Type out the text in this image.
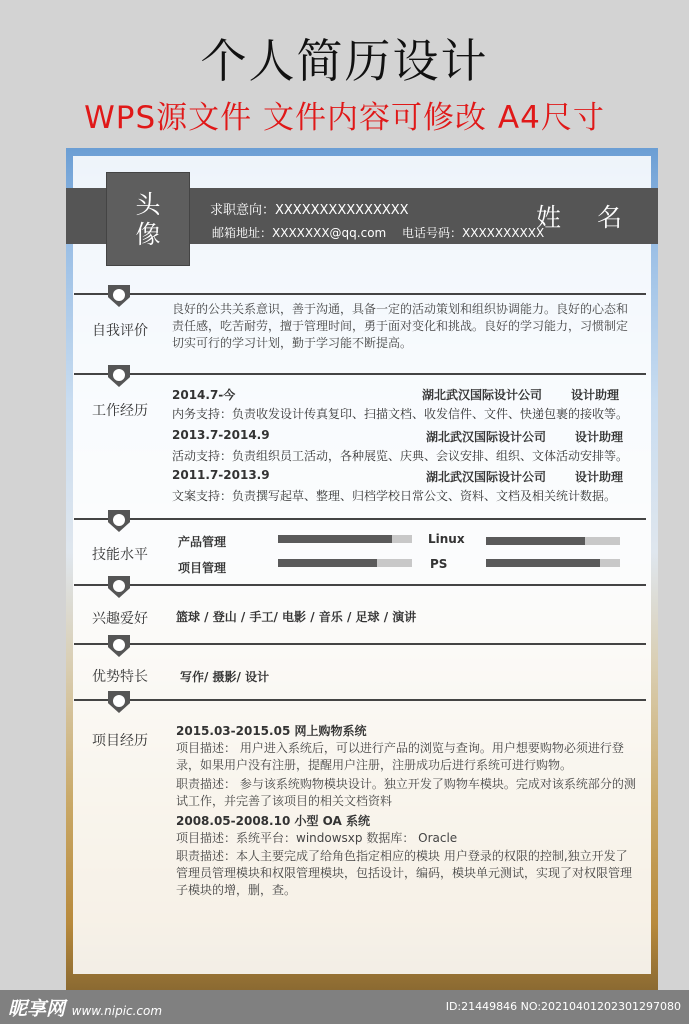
个人简历设计
WPS源文件 文件内容可修改 A4尺寸
求职意向：XXXXXXXXXXXXXXX
邮箱地址：XXXXXXX@qq.com 电话号码：XXXXXXXXXX
姓 名
头
像
自我评价
良好的公共关系意识，善于沟通，具备一定的活动策划和组织协调能力。良好的心态和责任感，吃苦耐劳，擅于管理时间，勇于面对变化和挑战。良好的学习能力，习惯制定切实可行的学习计划，勤于学习能不断提高。
工作经历
2014.7-今	湖北武汉国际设计公司 设计助理
内务支持：负责收发设计传真复印、扫描文档、收发信件、文件、快递包裹的接收等。
2013.7-2014.9	湖北武汉国际设计公司 设计助理
活动支持：负责组织员工活动，各种展览、庆典、会议安排、组织、文体活动安排等。
2011.7-2013.9	湖北武汉国际设计公司 设计助理
文案支持：负责撰写起草、整理、归档学校日常公文、资料、文档及相关统计数据。
技能水平
产品管理	Linux
项目管理	PS
兴趣爱好 篮球 / 登山 / 手工/ 电影 / 音乐 / 足球 / 演讲
优势特长	写作/ 摄影/ 设计
项目经历
2015.03-2015.05 网上购物系统
项目描述： 用户进入系统后，可以进行产品的浏览与查询。用户想要购物必须进行登录，如果用户没有注册，提醒用户注册，注册成功后进行系统可进行购物。
职责描述： 参与该系统购物模块设计。独立开发了购物车模块。完成对该系统部分的测试工作，并完善了该项目的相关文档资料
2008.05-2008.10 小型 OA 系统
项目描述：系统平台：windowsxp 数据库： Oracle
职责描述：本人主要完成了给角色指定相应的模块 用户登录的权限的控制,独立开发了管理员管理模块和权限管理模块，包括设计，编码，模块单元测试，实现了对权限管理子模块的增，删，查。
昵享网 www.nipic.com	ID:21449846 NO:20210401202301297080
